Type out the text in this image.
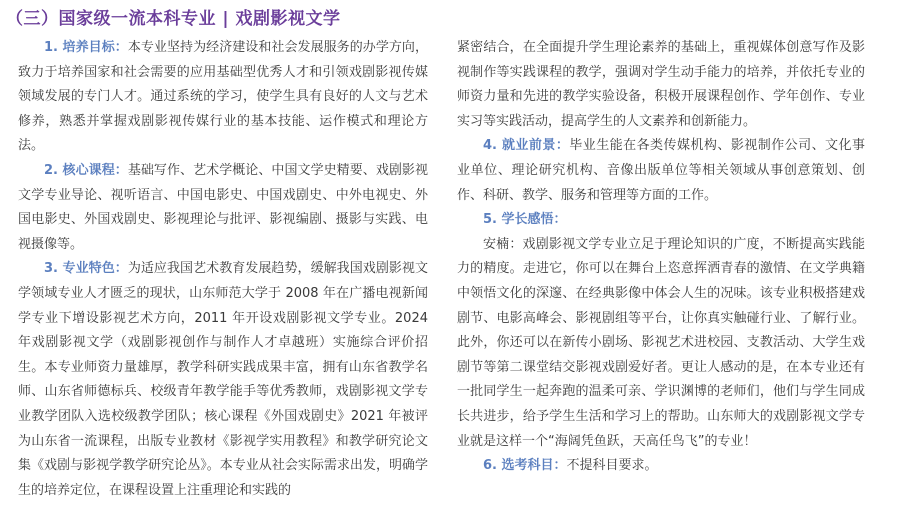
（三）国家级一流本科专业 | 戏剧影视文学

1. 培养目标：本专业坚持为经济建设和社会发展服务的办学方向，致力于培养国家和社会需要的应用基础型优秀人才和引领戏剧影视传媒领域发展的专门人才。通过系统的学习，使学生具有良好的人文与艺术修养，熟悉并掌握戏剧影视传媒行业的基本技能、运作模式和理论方法。

2. 核心课程：基础写作、艺术学概论、中国文学史精要、戏剧影视文学专业导论、视听语言、中国电影史、中国戏剧史、中外电视史、外国电影史、外国戏剧史、影视理论与批评、影视编剧、摄影与实践、电视摄像等。

3. 专业特色：为适应我国艺术教育发展趋势，缓解我国戏剧影视文学领域专业人才匮乏的现状，山东师范大学于 2008 年在广播电视新闻学专业下增设影视艺术方向，2011 年开设戏剧影视文学专业。2024 年戏剧影视文学（戏剧影视创作与制作人才卓越班）实施综合评价招生。本专业师资力量雄厚，教学科研实践成果丰富，拥有山东省教学名师、山东省师德标兵、校级青年教学能手等优秀教师，戏剧影视文学专业教学团队入选校级教学团队；核心课程《外国戏剧史》2021 年被评为山东省一流课程，出版专业教材《影视学实用教程》和教学研究论文集《戏剧与影视学教学研究论丛》。本专业从社会实际需求出发，明确学生的培养定位，在课程设置上注重理论和实践的

紧密结合，在全面提升学生理论素养的基础上，重视媒体创意写作及影视制作等实践课程的教学，强调对学生动手能力的培养，并依托专业的师资力量和先进的教学实验设备，积极开展课程创作、学年创作、专业实习等实践活动，提高学生的人文素养和创新能力。

4. 就业前景：毕业生能在各类传媒机构、影视制作公司、文化事业单位、理论研究机构、音像出版单位等相关领域从事创意策划、创作、科研、教学、服务和管理等方面的工作。

5. 学长感悟：

安楠：戏剧影视文学专业立足于理论知识的广度，不断提高实践能力的精度。走进它，你可以在舞台上恣意挥洒青春的激情、在文学典籍中领悟文化的深邃、在经典影像中体会人生的况味。该专业积极搭建戏剧节、电影高峰会、影视剧组等平台，让你真实触碰行业、了解行业。此外，你还可以在新传小剧场、影视艺术进校园、支教活动、大学生戏剧节等第二课堂结交影视戏剧爱好者。更让人感动的是，在本专业还有一批同学生一起奔跑的温柔可亲、学识渊博的老师们，他们与学生同成长共进步，给予学生生活和学习上的帮助。山东师大的戏剧影视文学专业就是这样一个“海阔凭鱼跃，天高任鸟飞”的专业！

6. 选考科目：不提科目要求。
